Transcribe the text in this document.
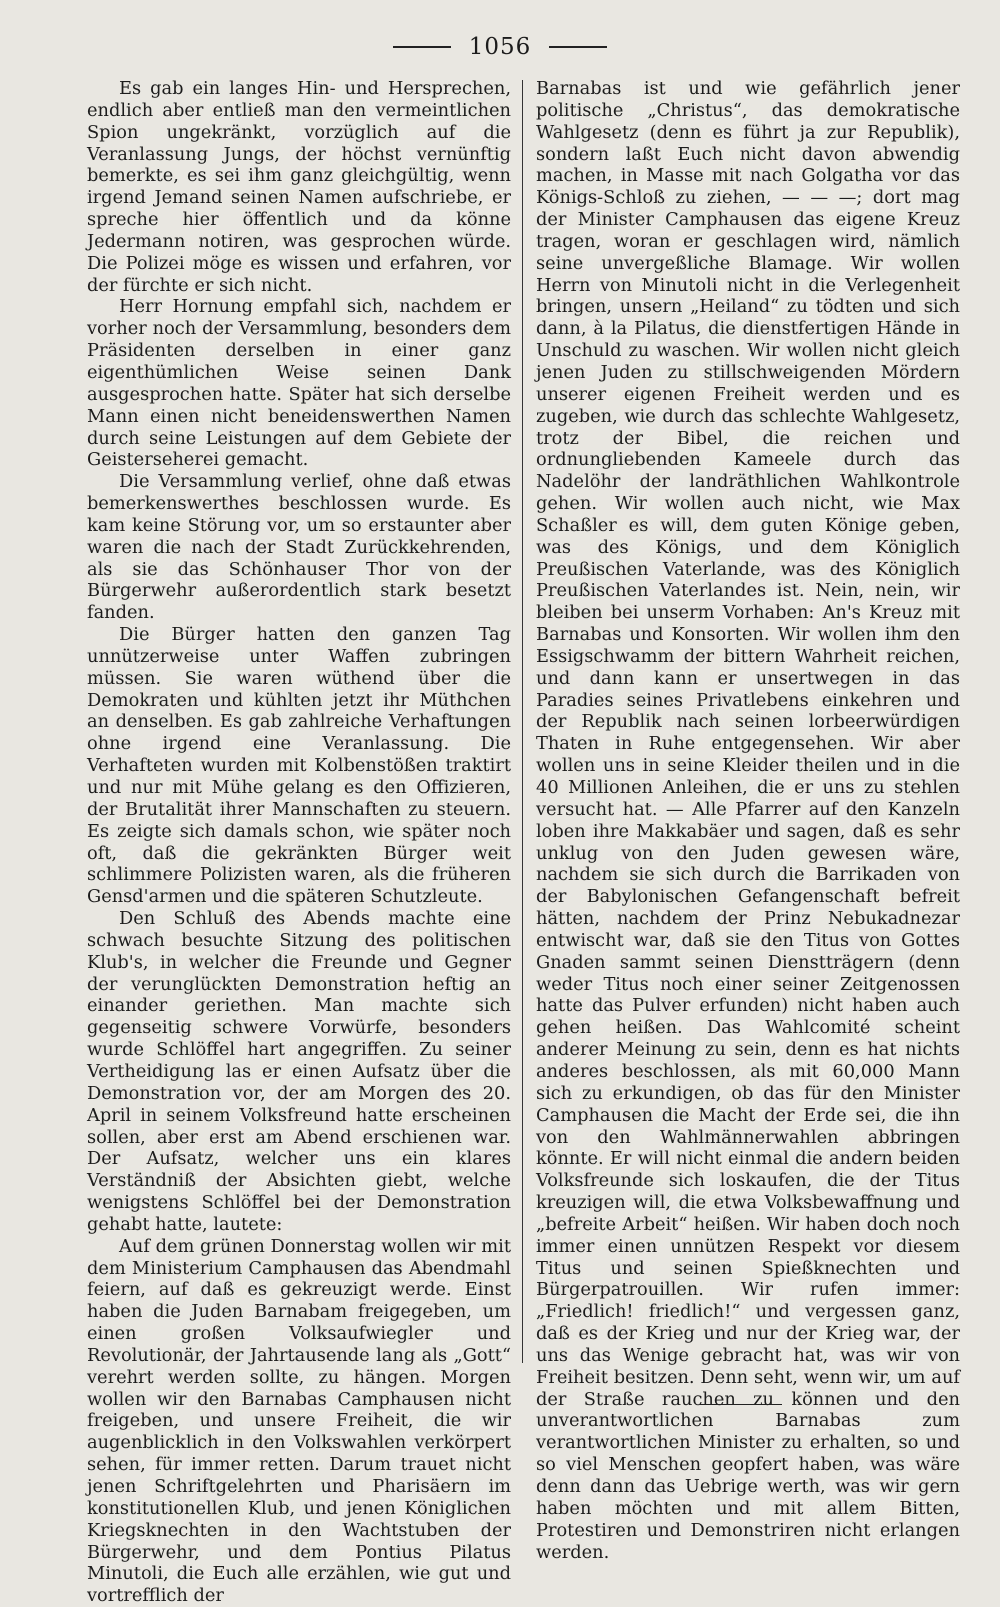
1056

Es gab ein langes Hin- und Hersprechen, endlich aber entließ man den vermeintlichen Spion ungekränkt, vorzüglich auf die Veranlassung Jungs, der höchst vernünftig bemerkte, es sei ihm ganz gleichgültig, wenn irgend Jemand seinen Namen aufschriebe, er spreche hier öffentlich und da könne Jedermann notiren, was gesprochen würde. Die Polizei möge es wissen und erfahren, vor der fürchte er sich nicht.

Herr Hornung empfahl sich, nachdem er vorher noch der Versammlung, besonders dem Präsidenten derselben in einer ganz eigenthümlichen Weise seinen Dank ausgesprochen hatte. Später hat sich derselbe Mann einen nicht beneidenswerthen Namen durch seine Leistungen auf dem Gebiete der Geisterseherei gemacht.

Die Versammlung verlief, ohne daß etwas bemerkenswerthes beschlossen wurde. Es kam keine Störung vor, um so erstaunter aber waren die nach der Stadt Zurückkehrenden, als sie das Schönhauser Thor von der Bürgerwehr außerordentlich stark besetzt fanden.

Die Bürger hatten den ganzen Tag unnützerweise unter Waffen zubringen müssen. Sie waren wüthend über die Demokraten und kühlten jetzt ihr Müthchen an denselben. Es gab zahlreiche Verhaftungen ohne irgend eine Veranlassung. Die Verhafteten wurden mit Kolbenstößen traktirt und nur mit Mühe gelang es den Offizieren, der Brutalität ihrer Mannschaften zu steuern. Es zeigte sich damals schon, wie später noch oft, daß die gekränkten Bürger weit schlimmere Polizisten waren, als die früheren Gensd'armen und die späteren Schutzleute.

Den Schluß des Abends machte eine schwach besuchte Sitzung des politischen Klub's, in welcher die Freunde und Gegner der verunglückten Demonstration heftig an einander geriethen. Man machte sich gegenseitig schwere Vorwürfe, besonders wurde Schlöffel hart angegriffen. Zu seiner Vertheidigung las er einen Aufsatz über die Demonstration vor, der am Morgen des 20. April in seinem Volksfreund hatte erscheinen sollen, aber erst am Abend erschienen war. Der Aufsatz, welcher uns ein klares Verständniß der Absichten giebt, welche wenigstens Schlöffel bei der Demonstration gehabt hatte, lautete:

Auf dem grünen Donnerstag wollen wir mit dem Ministerium Camphausen das Abendmahl feiern, auf daß es gekreuzigt werde. Einst haben die Juden Barnabam freigegeben, um einen großen Volksaufwiegler und Revolutionär, der Jahrtausende lang als „Gott“ verehrt werden sollte, zu hängen. Morgen wollen wir den Barnabas Camphausen nicht freigeben, und unsere Freiheit, die wir augenblicklich in den Volkswahlen verkörpert sehen, für immer retten. Darum trauet nicht jenen Schriftgelehrten und Pharisäern im konstitutionellen Klub, und jenen Königlichen Kriegsknechten in den Wachtstuben der Bürgerwehr, und dem Pontius Pilatus Minutoli, die Euch alle erzählen, wie gut und vortrefflich der

Barnabas ist und wie gefährlich jener politische „Christus“, das demokratische Wahlgesetz (denn es führt ja zur Republik), sondern laßt Euch nicht davon abwendig machen, in Masse mit nach Golgatha vor das Königs-Schloß zu ziehen, — — —; dort mag der Minister Camphausen das eigene Kreuz tragen, woran er geschlagen wird, nämlich seine unvergeßliche Blamage. Wir wollen Herrn von Minutoli nicht in die Verlegenheit bringen, unsern „Heiland“ zu tödten und sich dann, à la Pilatus, die dienstfertigen Hände in Unschuld zu waschen. Wir wollen nicht gleich jenen Juden zu stillschweigenden Mördern unserer eigenen Freiheit werden und es zugeben, wie durch das schlechte Wahlgesetz, trotz der Bibel, die reichen und ordnungliebenden Kameele durch das Nadelöhr der landräthlichen Wahlkontrole gehen. Wir wollen auch nicht, wie Max Schaßler es will, dem guten Könige geben, was des Königs, und dem Königlich Preußischen Vaterlande, was des Königlich Preußischen Vaterlandes ist. Nein, nein, wir bleiben bei unserm Vorhaben: An's Kreuz mit Barnabas und Konsorten. Wir wollen ihm den Essigschwamm der bittern Wahrheit reichen, und dann kann er unsertwegen in das Paradies seines Privatlebens einkehren und der Republik nach seinen lorbeerwürdigen Thaten in Ruhe entgegensehen. Wir aber wollen uns in seine Kleider theilen und in die 40 Millionen Anleihen, die er uns zu stehlen versucht hat. — Alle Pfarrer auf den Kanzeln loben ihre Makkabäer und sagen, daß es sehr unklug von den Juden gewesen wäre, nachdem sie sich durch die Barrikaden von der Babylonischen Gefangenschaft befreit hätten, nachdem der Prinz Nebukadnezar entwischt war, daß sie den Titus von Gottes Gnaden sammt seinen Dienstträgern (denn weder Titus noch einer seiner Zeitgenossen hatte das Pulver erfunden) nicht haben auch gehen heißen. Das Wahlcomité scheint anderer Meinung zu sein, denn es hat nichts anderes beschlossen, als mit 60,000 Mann sich zu erkundigen, ob das für den Minister Camphausen die Macht der Erde sei, die ihn von den Wahlmännerwahlen abbringen könnte. Er will nicht einmal die andern beiden Volksfreunde sich loskaufen, die der Titus kreuzigen will, die etwa Volksbewaffnung und „befreite Arbeit“ heißen. Wir haben doch noch immer einen unnützen Respekt vor diesem Titus und seinen Spießknechten und Bürgerpatrouillen. Wir rufen immer: „Friedlich! friedlich!“ und vergessen ganz, daß es der Krieg und nur der Krieg war, der uns das Wenige gebracht hat, was wir von Freiheit besitzen. Denn seht, wenn wir, um auf der Straße rauchen zu können und den unverantwortlichen Barnabas zum verantwortlichen Minister zu erhalten, so und so viel Menschen geopfert haben, was wäre denn dann das Uebrige werth, was wir gern haben möchten und mit allem Bitten, Protestiren und Demonstriren nicht erlangen werden.
